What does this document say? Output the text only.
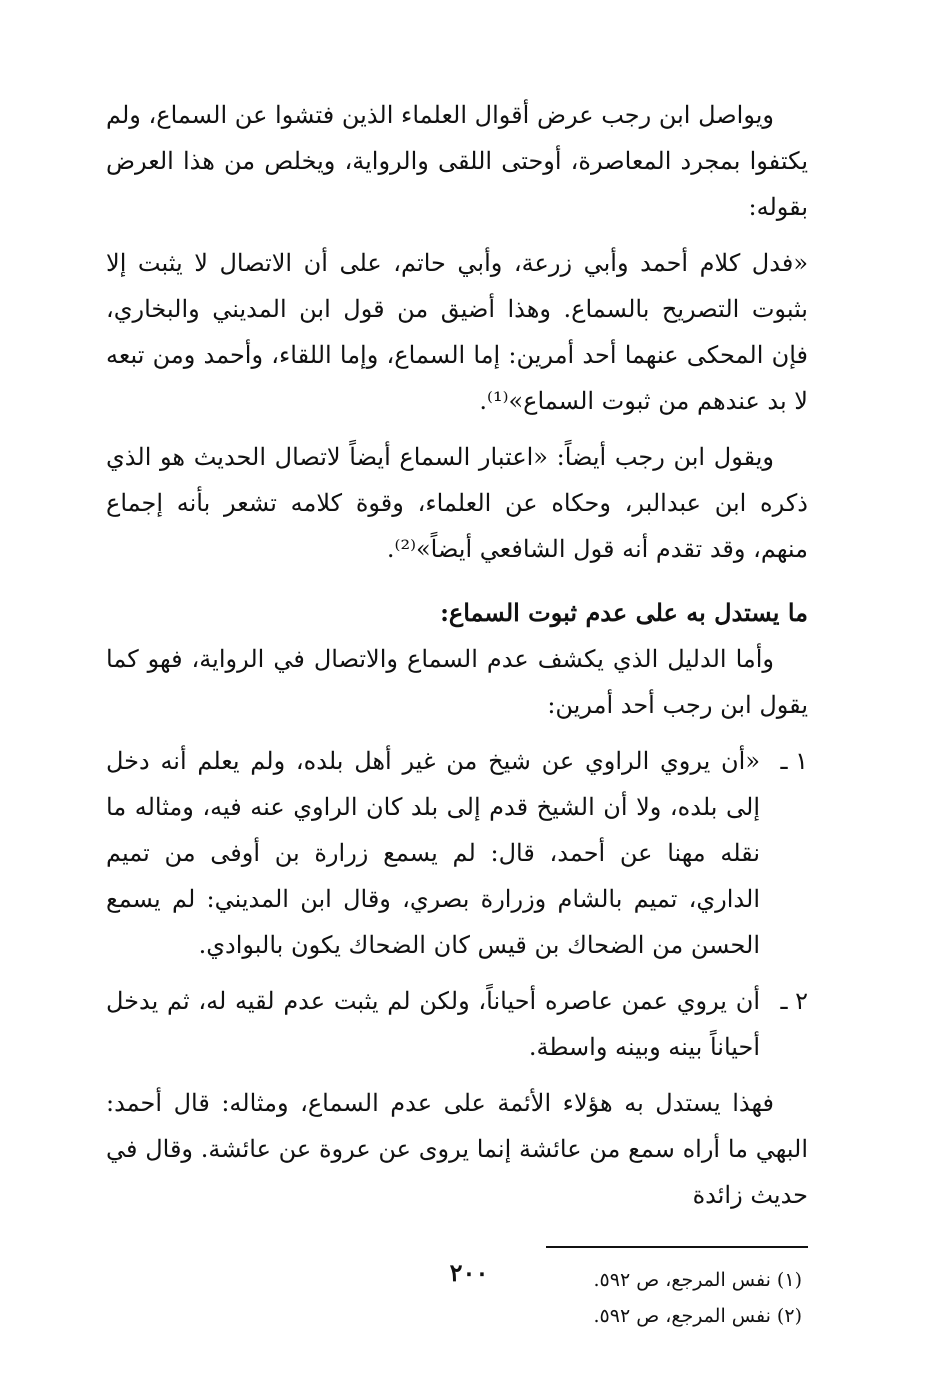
ويواصل ابن رجب عرض أقوال العلماء الذين فتشوا عن السماع، ولم يكتفوا بمجرد المعاصرة، أوحتى اللقى والرواية، ويخلص من هذا العرض بقوله:

«فدل كلام أحمد وأبي زرعة، وأبي حاتم، على أن الاتصال لا يثبت إلا بثبوت التصريح بالسماع. وهذا أضيق من قول ابن المديني والبخاري، فإن المحكى عنهما أحد أمرين: إما السماع، وإما اللقاء، وأحمد ومن تبعه لا بد عندهم من ثبوت السماع»⁽¹⁾.

ويقول ابن رجب أيضاً: «اعتبار السماع أيضاً لاتصال الحديث هو الذي ذكره ابن عبدالبر، وحكاه عن العلماء، وقوة كلامه تشعر بأنه إجماع منهم، وقد تقدم أنه قول الشافعي أيضاً»⁽²⁾.

ما يستدل به على عدم ثبوت السماع:

وأما الدليل الذي يكشف عدم السماع والاتصال في الرواية، فهو كما يقول ابن رجب أحد أمرين:

١ ـ

«أن يروي الراوي عن شيخ من غير أهل بلده، ولم يعلم أنه دخل إلى بلده، ولا أن الشيخ قدم إلى بلد كان الراوي عنه فيه، ومثاله ما نقله مهنا عن أحمد، قال: لم يسمع زرارة بن أوفى من تميم الداري، تميم بالشام وزرارة بصري، وقال ابن المديني: لم يسمع الحسن من الضحاك بن قيس كان الضحاك يكون بالبوادي.

٢ ـ

أن يروي عمن عاصره أحياناً، ولكن لم يثبت عدم لقيه له، ثم يدخل أحياناً بينه وبينه واسطة.

فهذا يستدل به هؤلاء الأئمة على عدم السماع، ومثاله: قال أحمد: البهي ما أراه سمع من عائشة إنما يروى عن عروة عن عائشة. وقال في حديث زائدة

(١) نفس المرجع، ص ٥٩٢.

(٢) نفس المرجع، ص ٥٩٢.

٢٠٠
